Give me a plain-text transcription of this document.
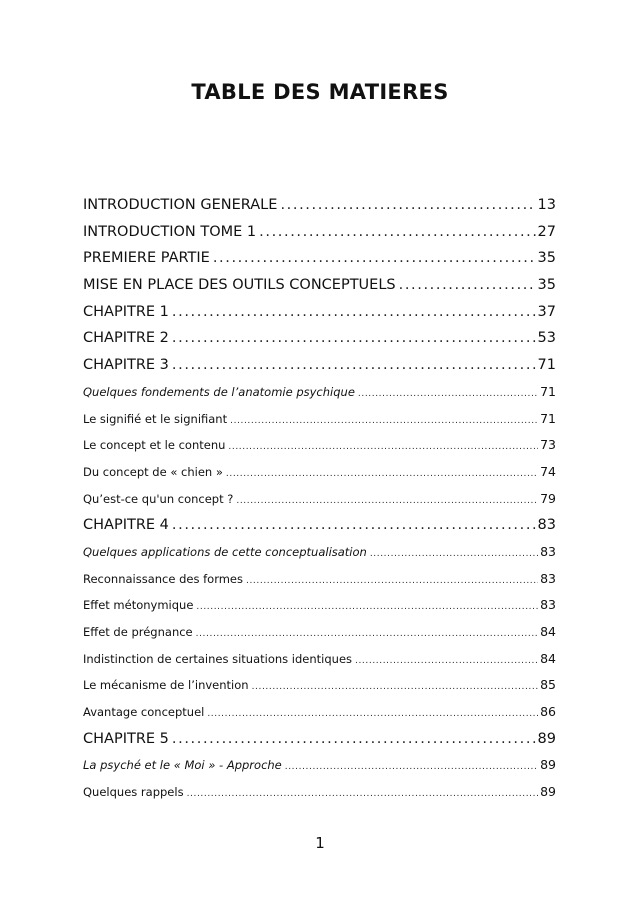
TABLE DES MATIERES
INTRODUCTION GENERALE .....	13
INTRODUCTION TOME 1 .....	27
PREMIERE PARTIE .....	35
MISE EN PLACE DES OUTILS CONCEPTUELS .....	35
CHAPITRE 1 .....	37
CHAPITRE 2 .....	53
CHAPITRE 3 .....	71
Quelques fondements de l’anatomie psychique .....	71
Le signifié et le signifiant .....	71
Le concept et le contenu .....	73
Du concept de « chien » .....	74
Qu’est-ce qu'un concept ? .....	79
CHAPITRE 4 .....	83
Quelques applications de cette conceptualisation .....	83
Reconnaissance des formes .....	83
Effet métonymique .....	83
Effet de prégnance .....	84
Indistinction de certaines situations identiques .....	84
Le mécanisme de l’invention .....	85
Avantage conceptuel .....	86
CHAPITRE 5 .....	89
La psyché et le « Moi » - Approche .....	89
Quelques rappels .....	89
1
